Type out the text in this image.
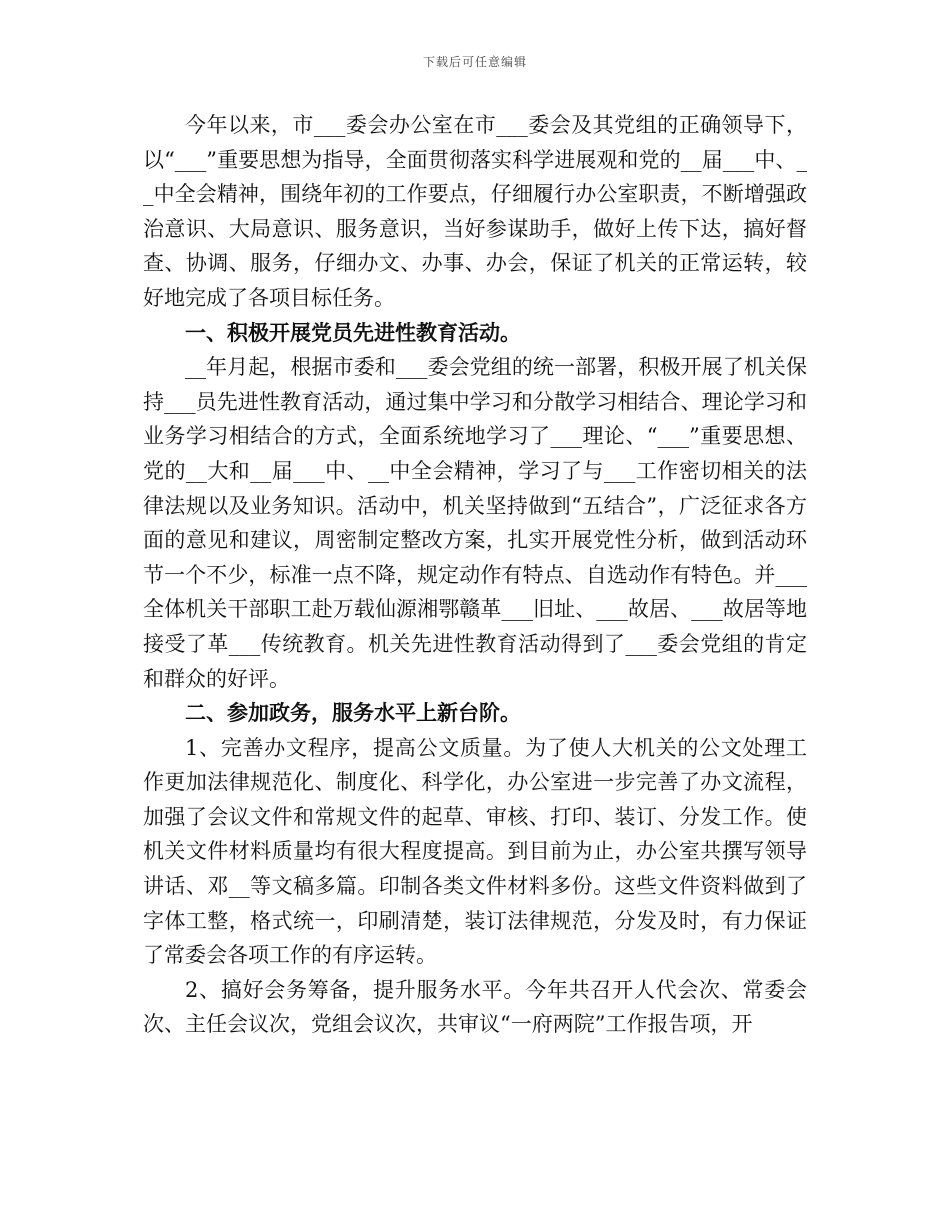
下载后可任意编辑

今年以来，市___委会办公室在市___委会及其党组的正确领导下，以“___”重要思想为指导，全面贯彻落实科学进展观和党的__届___中、__中全会精神，围绕年初的工作要点，仔细履行办公室职责，不断增强政治意识、大局意识、服务意识，当好参谋助手，做好上传下达，搞好督查、协调、服务，仔细办文、办事、办会，保证了机关的正常运转，较好地完成了各项目标任务。

一、积极开展党员先进性教育活动。

__年月起，根据市委和___委会党组的统一部署，积极开展了机关保持___员先进性教育活动，通过集中学习和分散学习相结合、理论学习和业务学习相结合的方式，全面系统地学习了___理论、“___”重要思想、党的__大和__届___中、__中全会精神，学习了与___工作密切相关的法律法规以及业务知识。活动中，机关坚持做到“五结合”，广泛征求各方面的意见和建议，周密制定整改方案，扎实开展党性分析，做到活动环节一个不少，标准一点不降，规定动作有特点、自选动作有特色。并___全体机关干部职工赴万载仙源湘鄂赣革___旧址、___故居、___故居等地接受了革___传统教育。机关先进性教育活动得到了___委会党组的肯定和群众的好评。

二、参加政务，服务水平上新台阶。

1、完善办文程序，提高公文质量。为了使人大机关的公文处理工作更加法律规范化、制度化、科学化，办公室进一步完善了办文流程，加强了会议文件和常规文件的起草、审核、打印、装订、分发工作。使机关文件材料质量均有很大程度提高。到目前为止，办公室共撰写领导讲话、邓__等文稿多篇。印制各类文件材料多份。这些文件资料做到了字体工整，格式统一，印刷清楚，装订法律规范，分发及时，有力保证了常委会各项工作的有序运转。

2、搞好会务筹备，提升服务水平。今年共召开人代会次、常委会次、主任会议次，党组会议次，共审议“一府两院”工作报告项，开
